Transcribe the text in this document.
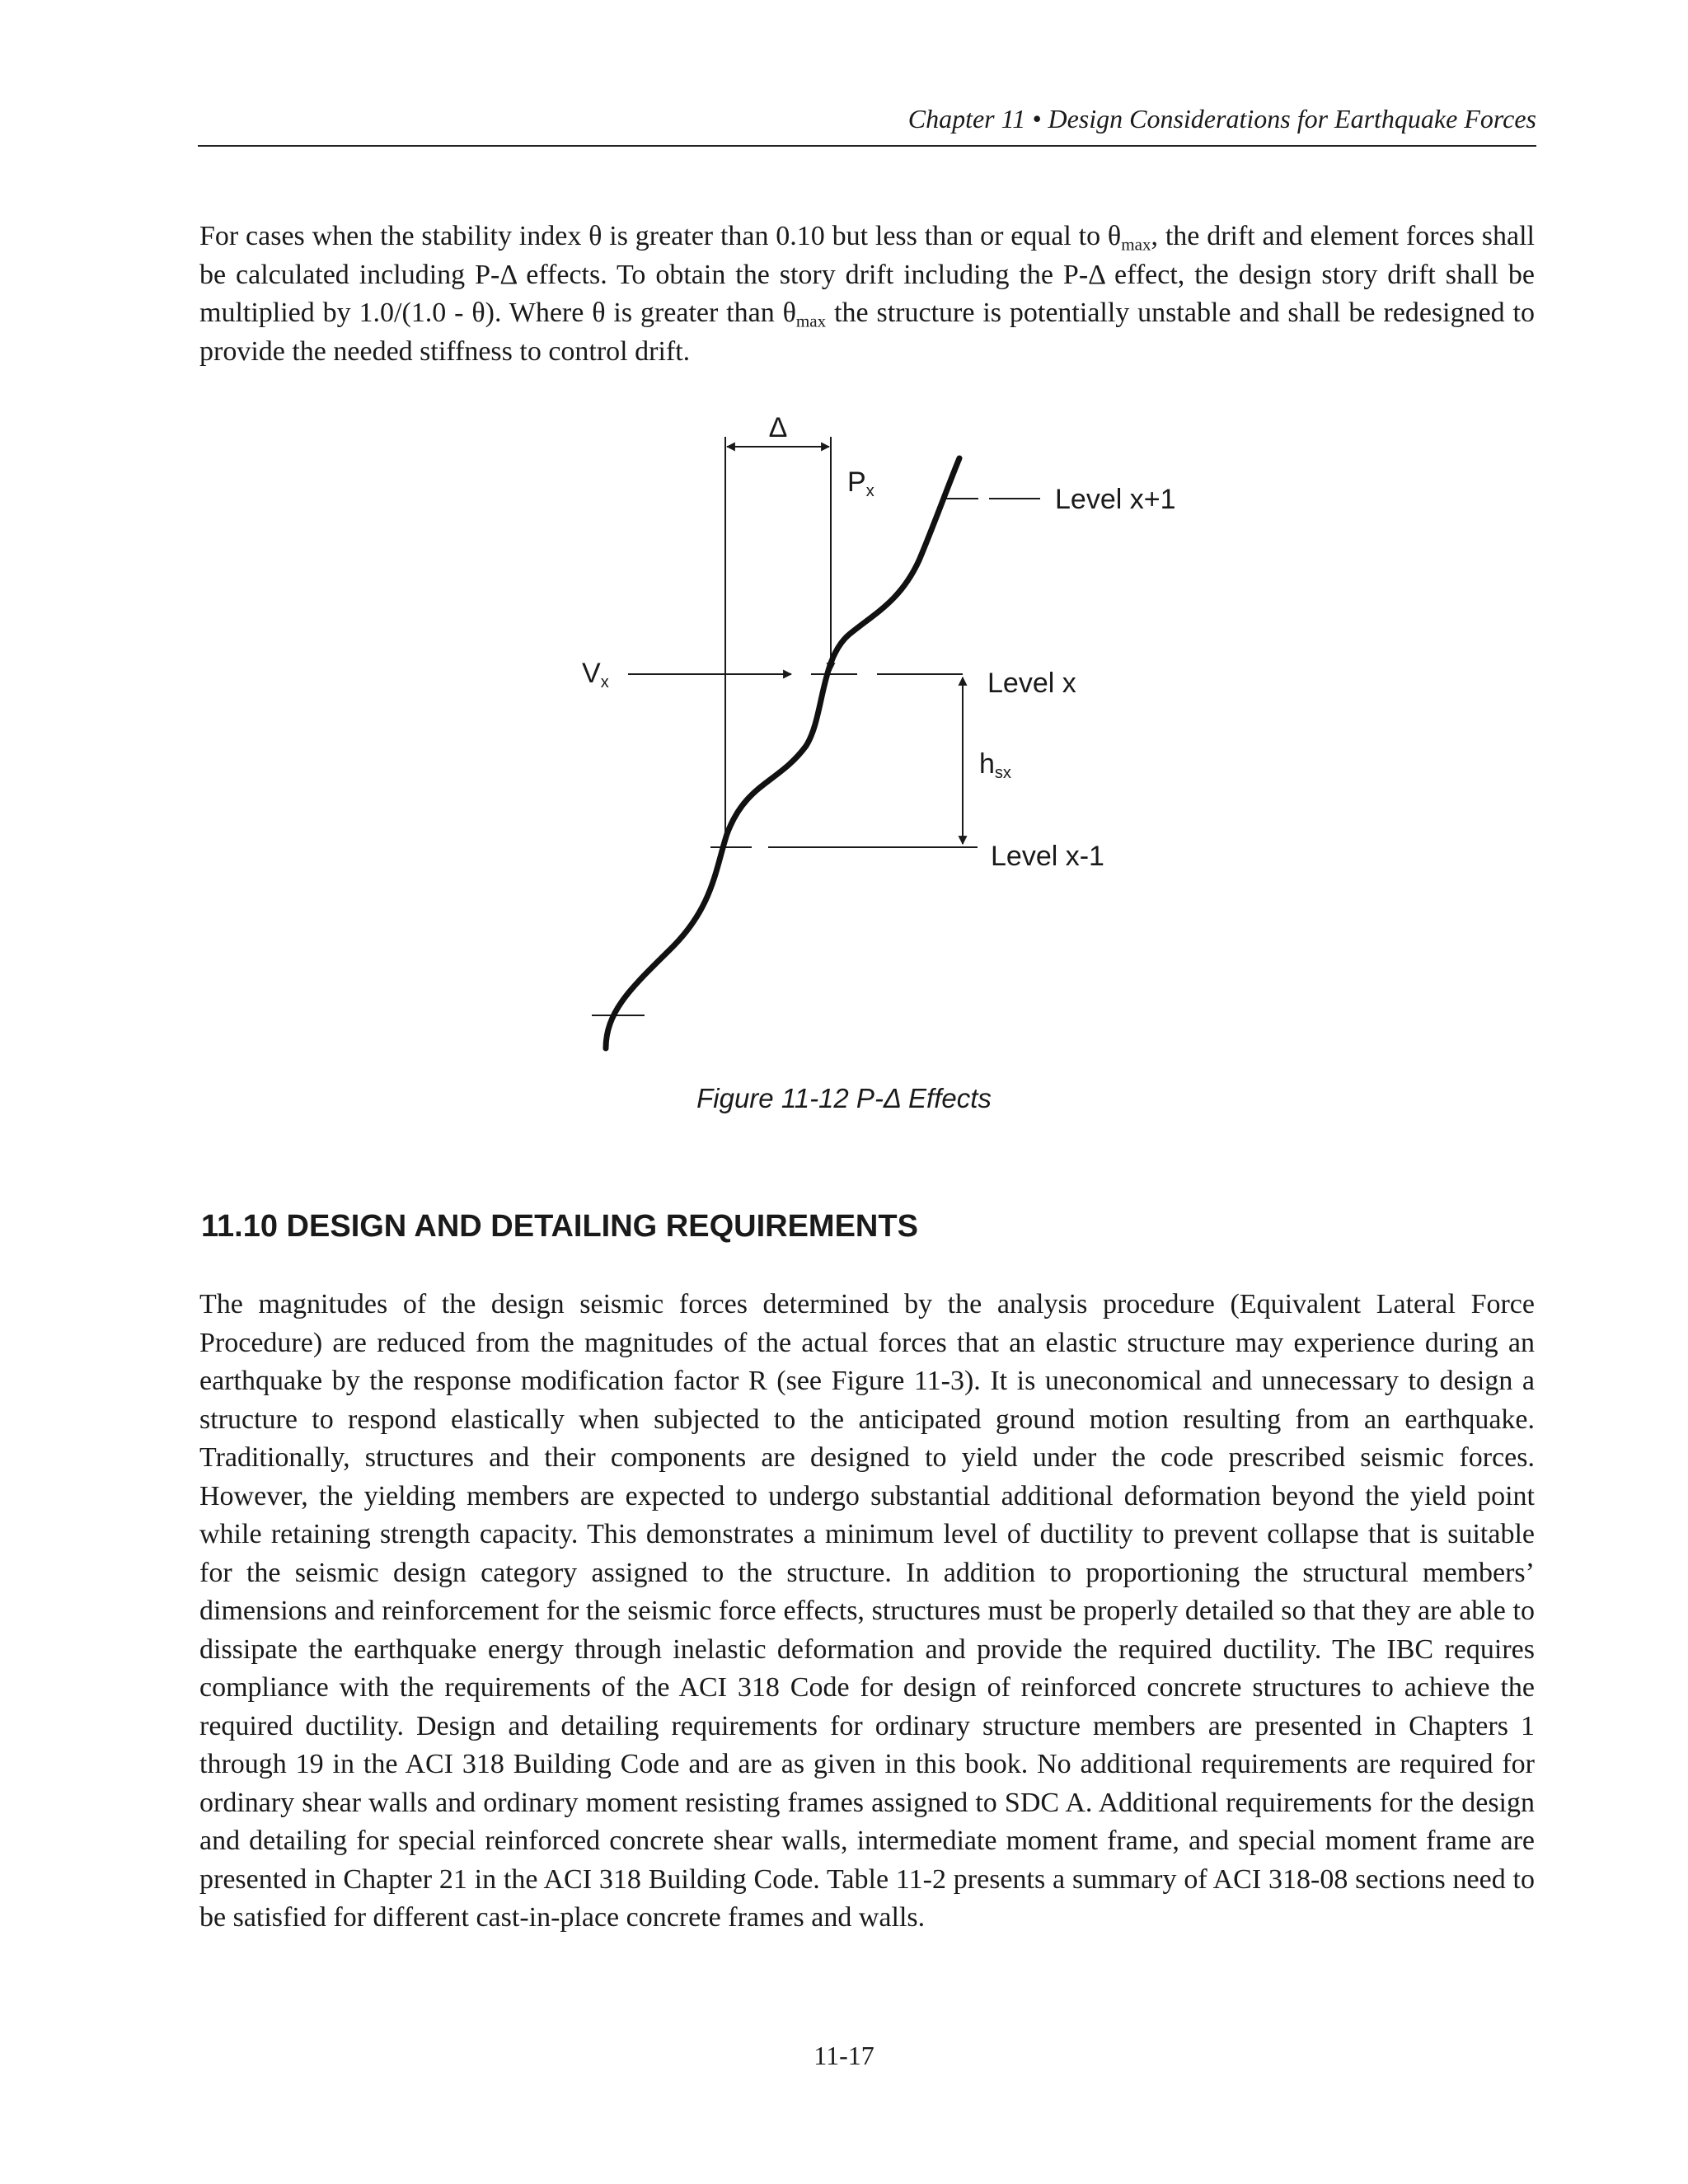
Chapter 11 • Design Considerations for Earthquake Forces

For cases when the stability index θ is greater than 0.10 but less than or equal to $\theta_{max}$, the drift and element forces shall be calculated including P-Δ effects. To obtain the story drift including the P-Δ effect, the design story drift shall be multiplied by 1.0/(1.0 - θ). Where θ is greater than $\theta_{max}$ the structure is potentially unstable and shall be redesigned to provide the needed stiffness to control drift.

Δ
Px
Vx
Level x+1
Level x
Level x-1
hsx
Figure 11-12 P-Δ Effects
11.10 DESIGN AND DETAILING REQUIREMENTS

The magnitudes of the design seismic forces determined by the analysis procedure (Equivalent Lateral Force Procedure) are reduced from the magnitudes of the actual forces that an elastic structure may experience during an earthquake by the response modification factor R (see Figure 11-3). It is uneconomical and unnecessary to design a structure to respond elastically when subjected to the anticipated ground motion resulting from an earthquake. Traditionally, structures and their components are designed to yield under the code prescribed seismic forces. However, the yielding members are expected to undergo substantial additional deformation beyond the yield point while retaining strength capacity. This demonstrates a minimum level of ductility to prevent collapse that is suitable for the seismic design category assigned to the structure. In addition to proportioning the structural members’ dimensions and reinforcement for the seismic force effects, structures must be properly detailed so that they are able to dissipate the earthquake energy through inelastic deformation and provide the required ductility. The IBC requires compliance with the requirements of the ACI 318 Code for design of reinforced concrete structures to achieve the required ductility. Design and detailing requirements for ordinary structure members are presented in Chapters 1 through 19 in the ACI 318 Building Code and are as given in this book. No additional requirements are required for ordinary shear walls and ordinary moment resisting frames assigned to SDC A. Additional requirements for the design and detailing for special reinforced concrete shear walls, intermediate moment frame, and special moment frame are presented in Chapter 21 in the ACI 318 Building Code. Table 11-2 presents a summary of ACI 318-08 sections need to be satisfied for different cast-in-place concrete frames and walls.

11-17
